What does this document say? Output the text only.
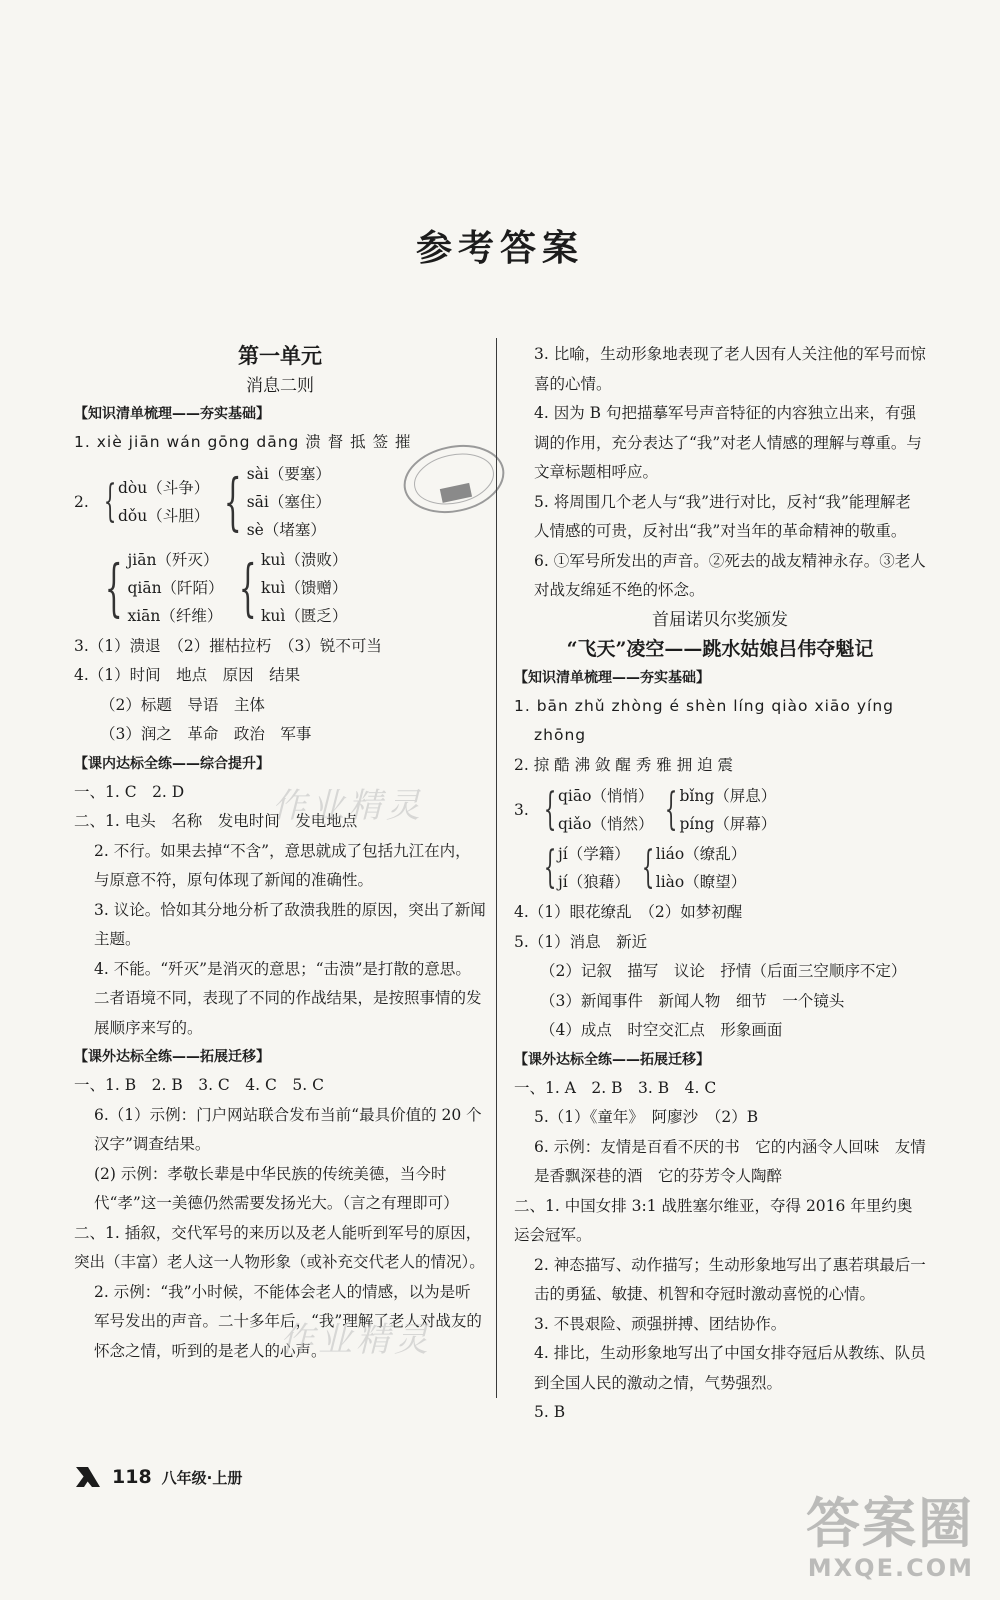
参考答案
第一单元
消息二则
【知识清单梳理——夯实基础】
1. xiè jiān wán gōng dāng 溃 督 抵 签 摧
2. { dòu（斗争）
dǒu（斗胆） { sài（要塞）
sāi（塞住）
sè（堵塞）
{ jiān（歼灭）
qiān（阡陌）
xiān（纤维） { kuì（溃败）
kuì（馈赠）
kuì（匮乏）
3.（1）溃退　（2）摧枯拉朽　（3）锐不可当
4.（1）时间　地点　原因　结果
（2）标题　导语　主体
（3）润之　革命　政治　军事
【课内达标全练——综合提升】
一、1. C　2. D
二、1. 电头　名称　发电时间　发电地点
2. 不行。如果去掉“不含”，意思就成了包括九江在内，与原意不符，原句体现了新闻的准确性。
3. 议论。恰如其分地分析了敌溃我胜的原因，突出了新闻主题。
4. 不能。“歼灭”是消灭的意思；“击溃”是打散的意思。二者语境不同，表现了不同的作战结果，是按照事情的发展顺序来写的。
【课外达标全练——拓展迁移】
一、1. B　2. B　3. C　4. C　5. C
6.（1）示例：门户网站联合发布当前“最具价值的 20 个汉字”调查结果。
(2) 示例：孝敬长辈是中华民族的传统美德，当今时代“孝”这一美德仍然需要发扬光大。（言之有理即可）
二、1. 插叙，交代军号的来历以及老人能听到军号的原因，突出（丰富）老人这一人物形象（或补充交代老人的情况）。
2. 示例：“我”小时候，不能体会老人的情感，以为是听军号发出的声音。二十多年后，“我”理解了老人对战友的怀念之情，听到的是老人的心声。
3. 比喻，生动形象地表现了老人因有人关注他的军号而惊喜的心情。
4. 因为 B 句把描摹军号声音特征的内容独立出来，有强调的作用，充分表达了“我”对老人情感的理解与尊重。与文章标题相呼应。
5. 将周围几个老人与“我”进行对比，反衬“我”能理解老人情感的可贵，反衬出“我”对当年的革命精神的敬重。
6. ①军号所发出的声音。②死去的战友精神永存。③老人对战友绵延不绝的怀念。
首届诺贝尔奖颁发
“飞天”凌空——跳水姑娘吕伟夺魁记
【知识清单梳理——夯实基础】
1. bān zhǔ zhòng é shèn líng qiào xiāo yíng
zhōng
2. 掠 酷 沸 敛 醒 秀 雅 拥 迫 震
3. { qiāo（悄悄）
qiǎo（悄然） { bǐng（屏息）
píng（屏幕）
{ jí（学籍）
jí（狼藉） { liáo（缭乱）
liào（瞭望）
4.（1）眼花缭乱　（2）如梦初醒
5.（1）消息　新近
（2）记叙　描写　议论　抒情（后面三空顺序不定）
（3）新闻事件　新闻人物　细节　一个镜头
（4）成点　时空交汇点　形象画面
【课外达标全练——拓展迁移】
一、1. A　2. B　3. B　4. C
5.（1）《童年》　阿廖沙　（2）B
6. 示例：友情是百看不厌的书　它的内涵令人回味　友情是香飘深巷的酒　它的芬芳令人陶醉
二、1. 中国女排 3:1 战胜塞尔维亚，夺得 2016 年里约奥运会冠军。
2. 神态描写、动作描写；生动形象地写出了惠若琪最后一击的勇猛、敏捷、机智和夺冠时激动喜悦的心情。
3. 不畏艰险、顽强拼搏、团结协作。
4. 排比，生动形象地写出了中国女排夺冠后从教练、队员到全国人民的激动之情，气势强烈。
5. B
作业精灵
作业精灵
118 八年级·上册
答案圈
MXQE.COM
